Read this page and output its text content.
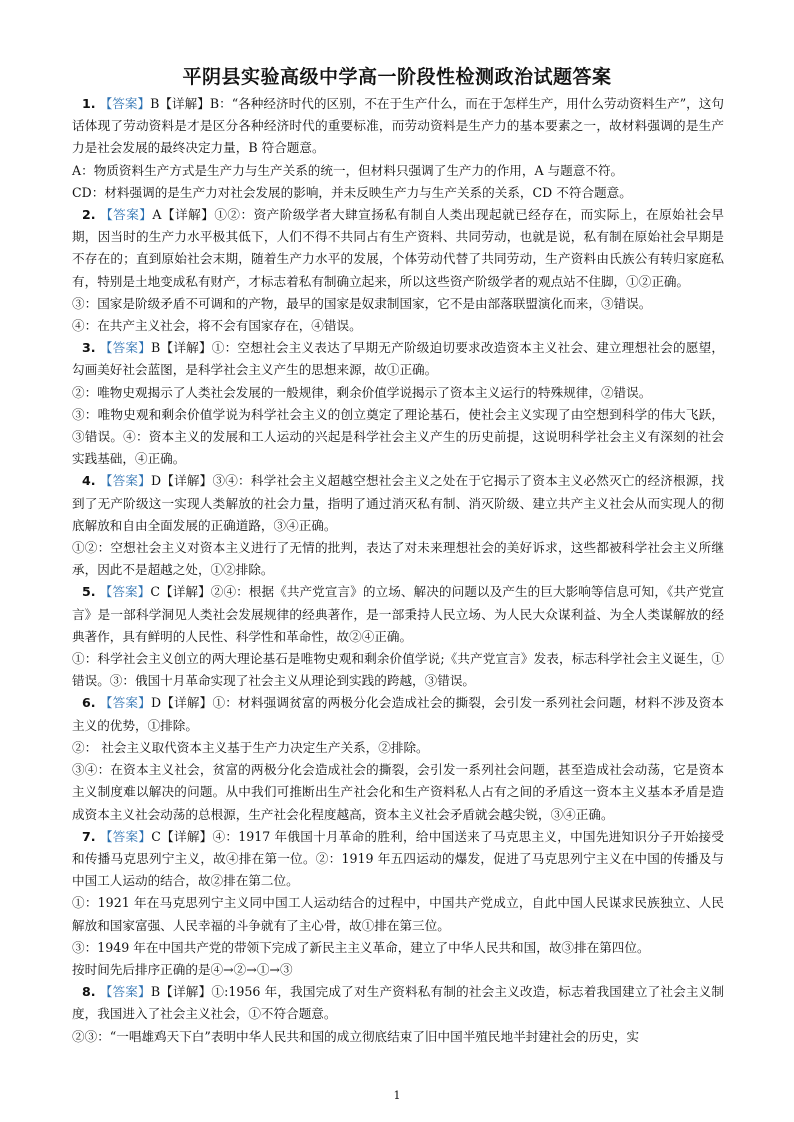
平阴县实验高级中学高一阶段性检测政治试题答案

1. 【答案】B【详解】B：“各种经济时代的区别，不在于生产什么，而在于怎样生产，用什么劳动资料生产”，这句话体现了劳动资料是才是区分各种经济时代的重要标准，而劳动资料是生产力的基本要素之一，故材料强调的是生产力是社会发展的最终决定力量，B 符合题意。

A：物质资料生产方式是生产力与生产关系的统一，但材料只强调了生产力的作用，A 与题意不符。

CD：材料强调的是生产力对社会发展的影响，并未反映生产力与生产关系的关系，CD 不符合题意。

2. 【答案】A【详解】①②：资产阶级学者大肆宣扬私有制自人类出现起就已经存在，而实际上，在原始社会早期，因当时的生产力水平极其低下，人们不得不共同占有生产资料、共同劳动，也就是说，私有制在原始社会早期是不存在的；直到原始社会末期，随着生产力水平的发展，个体劳动代替了共同劳动，生产资料由氏族公有转归家庭私有，特别是土地变成私有财产，才标志着私有制确立起来，所以这些资产阶级学者的观点站不住脚，①②正确。

③：国家是阶级矛盾不可调和的产物，最早的国家是奴隶制国家，它不是由部落联盟演化而来，③错误。

④：在共产主义社会，将不会有国家存在，④错误。

3. 【答案】B【详解】①：空想社会主义表达了早期无产阶级迫切要求改造资本主义社会、建立理想社会的愿望，勾画美好社会蓝图，是科学社会主义产生的思想来源，故①正确。

②：唯物史观揭示了人类社会发展的一般规律，剩余价值学说揭示了资本主义运行的特殊规律，②错误。

③：唯物史观和剩余价值学说为科学社会主义的创立奠定了理论基石，使社会主义实现了由空想到科学的伟大飞跃，③错误。④：资本主义的发展和工人运动的兴起是科学社会主义产生的历史前提，这说明科学社会主义有深刻的社会实践基础，④正确。

4. 【答案】D【详解】③④：科学社会主义超越空想社会主义之处在于它揭示了资本主义必然灭亡的经济根源，找到了无产阶级这一实现人类解放的社会力量，指明了通过消灭私有制、消灭阶级、建立共产主义社会从而实现人的彻底解放和自由全面发展的正确道路，③④正确。

①②：空想社会主义对资本主义进行了无情的批判，表达了对未来理想社会的美好诉求，这些都被科学社会主义所继承，因此不是超越之处，①②排除。

5. 【答案】C【详解】②④：根据《共产党宣言》的立场、解决的问题以及产生的巨大影响等信息可知，《共产党宣言》是一部科学洞见人类社会发展规律的经典著作，是一部秉持人民立场、为人民大众谋利益、为全人类谋解放的经典著作，具有鲜明的人民性、科学性和革命性，故②④正确。

①：科学社会主义创立的两大理论基石是唯物史观和剩余价值学说;《共产党宣言》发表，标志科学社会主义诞生，①错误。③：俄国十月革命实现了社会主义从理论到实践的跨越，③错误。

6. 【答案】D【详解】①：材料强调贫富的两极分化会造成社会的撕裂，会引发一系列社会问题，材料不涉及资本主义的优势，①排除。

②： 社会主义取代资本主义基于生产力决定生产关系，②排除。

③④：在资本主义社会，贫富的两极分化会造成社会的撕裂，会引发一系列社会问题，甚至造成社会动荡，它是资本主义制度难以解决的问题。从中我们可推断出生产社会化和生产资料私人占有之间的矛盾这一资本主义基本矛盾是造成资本主义社会动荡的总根源，生产社会化程度越高，资本主义社会矛盾就会越尖锐，③④正确。

7. 【答案】C【详解】④：1917 年俄国十月革命的胜利，给中国送来了马克思主义，中国先进知识分子开始接受和传播马克思列宁主义，故④排在第一位。②：1919 年五四运动的爆发，促进了马克思列宁主义在中国的传播及与中国工人运动的结合，故②排在第二位。

①：1921 年在马克思列宁主义同中国工人运动结合的过程中，中国共产党成立，自此中国人民谋求民族独立、人民解放和国家富强、人民幸福的斗争就有了主心骨，故①排在第三位。

③：1949 年在中国共产党的带领下完成了新民主主义革命，建立了中华人民共和国，故③排在第四位。

按时间先后排序正确的是④→②→①→③

8. 【答案】B【详解】①:1956 年，我国完成了对生产资料私有制的社会主义改造，标志着我国建立了社会主义制度，我国进入了社会主义社会，①不符合题意。

②③：“一唱雄鸡天下白”表明中华人民共和国的成立彻底结束了旧中国半殖民地半封建社会的历史，实

1
